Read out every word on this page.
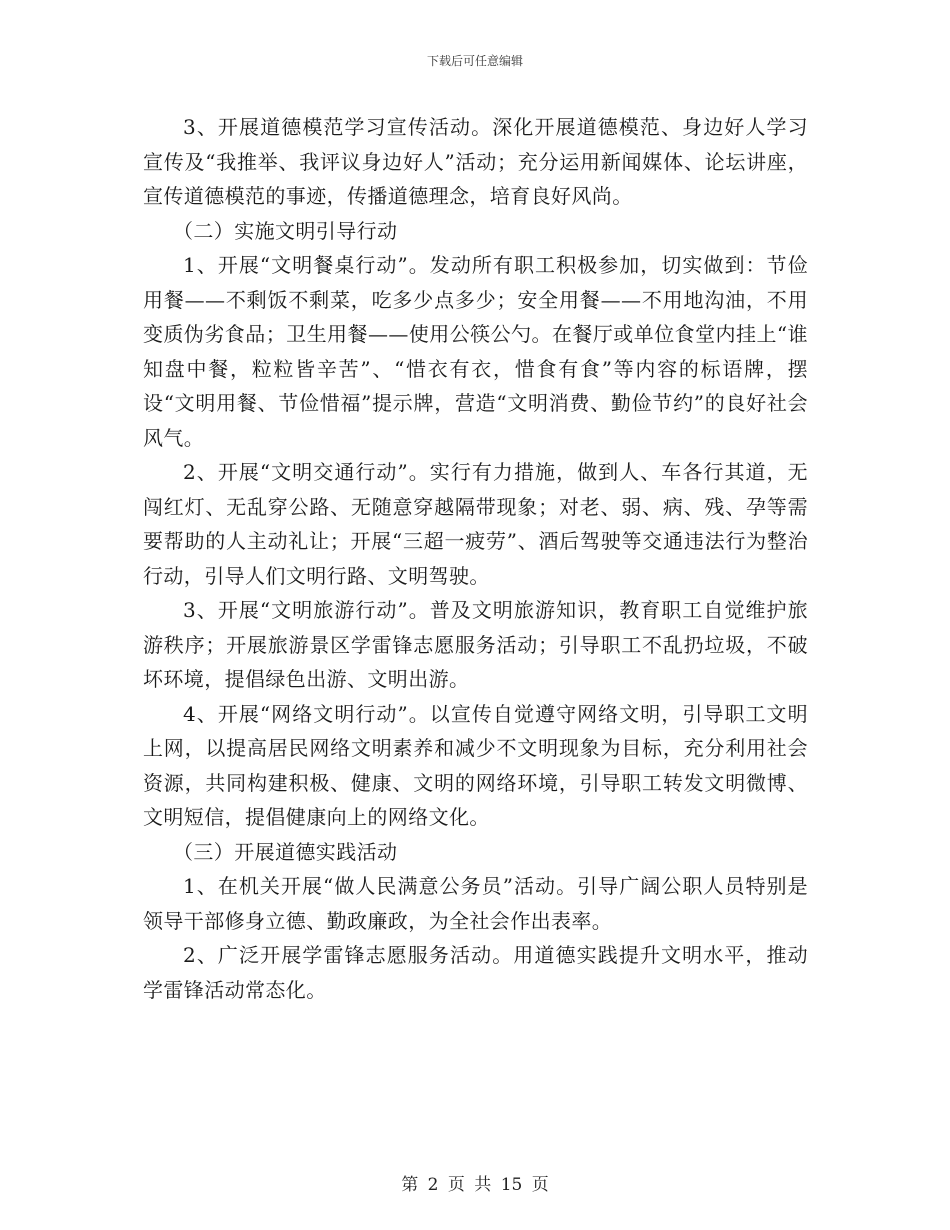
下载后可任意编辑

3、开展道德模范学习宣传活动。深化开展道德模范、身边好人学习宣传及“我推举、我评议身边好人”活动；充分运用新闻媒体、论坛讲座，宣传道德模范的事迹，传播道德理念，培育良好风尚。

（二）实施文明引导行动

1、开展“文明餐桌行动”。发动所有职工积极参加，切实做到：节俭用餐——不剩饭不剩菜，吃多少点多少；安全用餐——不用地沟油，不用变质伪劣食品；卫生用餐——使用公筷公勺。在餐厅或单位食堂内挂上“谁知盘中餐，粒粒皆辛苦”、“惜衣有衣，惜食有食”等内容的标语牌，摆设“文明用餐、节俭惜福”提示牌，营造“文明消费、勤俭节约”的良好社会风气。

2、开展“文明交通行动”。实行有力措施，做到人、车各行其道，无闯红灯、无乱穿公路、无随意穿越隔带现象；对老、弱、病、残、孕等需要帮助的人主动礼让；开展“三超一疲劳”、酒后驾驶等交通违法行为整治行动，引导人们文明行路、文明驾驶。

3、开展“文明旅游行动”。普及文明旅游知识，教育职工自觉维护旅游秩序；开展旅游景区学雷锋志愿服务活动；引导职工不乱扔垃圾，不破坏环境，提倡绿色出游、文明出游。

4、开展“网络文明行动”。以宣传自觉遵守网络文明，引导职工文明上网，以提高居民网络文明素养和减少不文明现象为目标，充分利用社会资源，共同构建积极、健康、文明的网络环境，引导职工转发文明微博、文明短信，提倡健康向上的网络文化。

（三）开展道德实践活动

1、在机关开展“做人民满意公务员”活动。引导广阔公职人员特别是领导干部修身立德、勤政廉政，为全社会作出表率。

2、广泛开展学雷锋志愿服务活动。用道德实践提升文明水平，推动学雷锋活动常态化。

第 2 页 共 15 页
